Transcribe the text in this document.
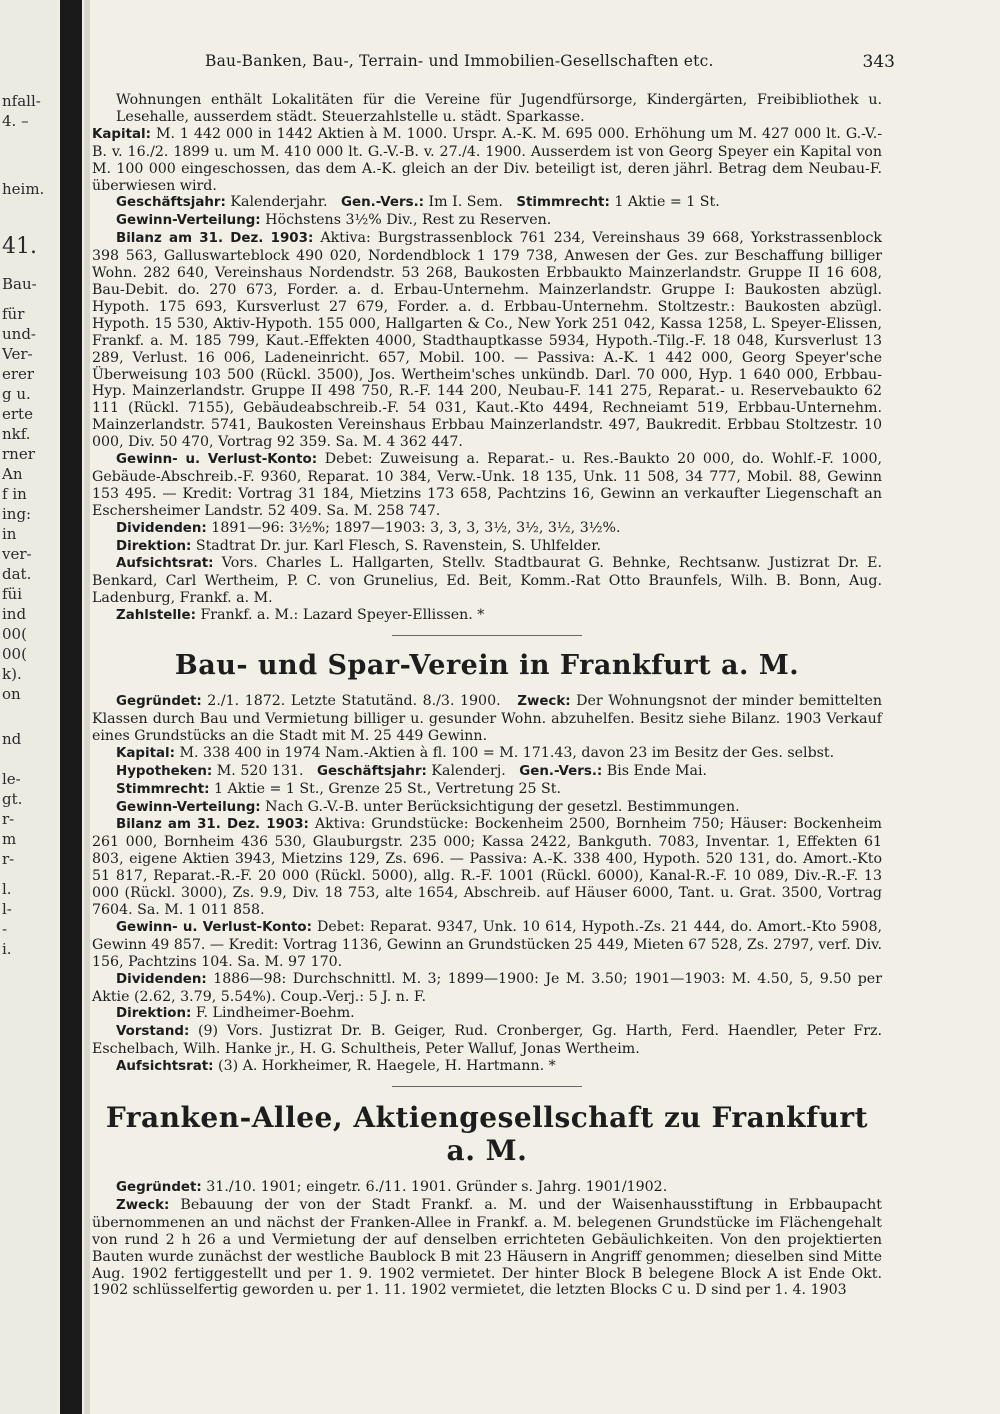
nfall-
4. –
heim.
41.
Bau-
für
und-
Ver-
erer
g u.
erte
nkf.
rner
An
f in
ing:
in
ver-
dat.
füi
ind
00(
00(
k).
on
nd
le-
gt.
r-
m
r-
l.
l-
-
i.
Bau-Banken, Bau-, Terrain- und Immobilien-Gesellschaften etc.	343

Wohnungen enthält Lokalitäten für die Vereine für Jugendfürsorge, Kindergärten, Freibibliothek u. Lesehalle, ausserdem städt. Steuerzahlstelle u. städt. Sparkasse.

Kapital: M. 1 442 000 in 1442 Aktien à M. 1000. Urspr. A.-K. M. 695 000. Erhöhung um M. 427 000 lt. G.-V.-B. v. 16./2. 1899 u. um M. 410 000 lt. G.-V.-B. v. 27./4. 1900. Ausserdem ist von Georg Speyer ein Kapital von M. 100 000 eingeschossen, das dem A.-K. gleich an der Div. beteiligt ist, deren jährl. Betrag dem Neubau-F. überwiesen wird.

Geschäftsjahr: Kalenderjahr. Gen.-Vers.: Im I. Sem. Stimmrecht: 1 Aktie = 1 St.

Gewinn-Verteilung: Höchstens 3½% Div., Rest zu Reserven.

Bilanz am 31. Dez. 1903: Aktiva: Burgstrassenblock 761 234, Vereinshaus 39 668, Yorkstrassenblock 398 563, Galluswarteblock 490 020, Nordendblock 1 179 738, Anwesen der Ges. zur Beschaffung billiger Wohn. 282 640, Vereinshaus Nordendstr. 53 268, Baukosten Erbbaukto Mainzerlandstr. Gruppe II 16 608, Bau-Debit. do. 270 673, Forder. a. d. Erbau-Unternehm. Mainzerlandstr. Gruppe I: Baukosten abzügl. Hypoth. 175 693, Kursverlust 27 679, Forder. a. d. Erbbau-Unternehm. Stoltzestr.: Baukosten abzügl. Hypoth. 15 530, Aktiv-Hypoth. 155 000, Hallgarten & Co., New York 251 042, Kassa 1258, L. Speyer-Elissen, Frankf. a. M. 185 799, Kaut.-Effekten 4000, Stadthauptkasse 5934, Hypoth.-Tilg.-F. 18 048, Kursverlust 13 289, Verlust. 16 006, Ladeneinricht. 657, Mobil. 100. — Passiva: A.-K. 1 442 000, Georg Speyer'sche Überweisung 103 500 (Rückl. 3500), Jos. Wertheim'sches unkündb. Darl. 70 000, Hyp. 1 640 000, Erbbau-Hyp. Mainzerlandstr. Gruppe II 498 750, R.-F. 144 200, Neubau-F. 141 275, Reparat.- u. Reservebaukto 62 111 (Rückl. 7155), Gebäudeabschreib.-F. 54 031, Kaut.-Kto 4494, Rechneiamt 519, Erbbau-Unternehm. Mainzerlandstr. 5741, Baukosten Vereinshaus Erbbau Mainzerlandstr. 497, Baukredit. Erbbau Stoltzestr. 10 000, Div. 50 470, Vortrag 92 359. Sa. M. 4 362 447.

Gewinn- u. Verlust-Konto: Debet: Zuweisung a. Reparat.- u. Res.-Baukto 20 000, do. Wohlf.-F. 1000, Gebäude-Abschreib.-F. 9360, Reparat. 10 384, Verw.-Unk. 18 135, Unk. 11 508, 34 777, Mobil. 88, Gewinn 153 495. — Kredit: Vortrag 31 184, Mietzins 173 658, Pachtzins 16, Gewinn an verkaufter Liegenschaft an Eschersheimer Landstr. 52 409. Sa. M. 258 747.

Dividenden: 1891—96: 3½%; 1897—1903: 3, 3, 3, 3½, 3½, 3½, 3½%.

Direktion: Stadtrat Dr. jur. Karl Flesch, S. Ravenstein, S. Uhlfelder.

Aufsichtsrat: Vors. Charles L. Hallgarten, Stellv. Stadtbaurat G. Behnke, Rechtsanw. Justizrat Dr. E. Benkard, Carl Wertheim, P. C. von Grunelius, Ed. Beit, Komm.-Rat Otto Braunfels, Wilh. B. Bonn, Aug. Ladenburg, Frankf. a. M.

Zahlstelle: Frankf. a. M.: Lazard Speyer-Ellissen. *

Bau- und Spar-Verein in Frankfurt a. M.

Gegründet: 2./1. 1872. Letzte Statutänd. 8./3. 1900. Zweck: Der Wohnungsnot der minder bemittelten Klassen durch Bau und Vermietung billiger u. gesunder Wohn. abzuhelfen. Besitz siehe Bilanz. 1903 Verkauf eines Grundstücks an die Stadt mit M. 25 449 Gewinn.

Kapital: M. 338 400 in 1974 Nam.-Aktien à fl. 100 = M. 171.43, davon 23 im Besitz der Ges. selbst.

Hypotheken: M. 520 131. Geschäftsjahr: Kalenderj. Gen.-Vers.: Bis Ende Mai.

Stimmrecht: 1 Aktie = 1 St., Grenze 25 St., Vertretung 25 St.

Gewinn-Verteilung: Nach G.-V.-B. unter Berücksichtigung der gesetzl. Bestimmungen.

Bilanz am 31. Dez. 1903: Aktiva: Grundstücke: Bockenheim 2500, Bornheim 750; Häuser: Bockenheim 261 000, Bornheim 436 530, Glauburgstr. 235 000; Kassa 2422, Bankguth. 7083, Inventar. 1, Effekten 61 803, eigene Aktien 3943, Mietzins 129, Zs. 696. — Passiva: A.-K. 338 400, Hypoth. 520 131, do. Amort.-Kto 51 817, Reparat.-R.-F. 20 000 (Rückl. 5000), allg. R.-F. 1001 (Rückl. 6000), Kanal-R.-F. 10 089, Div.-R.-F. 13 000 (Rückl. 3000), Zs. 9.9, Div. 18 753, alte 1654, Abschreib. auf Häuser 6000, Tant. u. Grat. 3500, Vortrag 7604. Sa. M. 1 011 858.

Gewinn- u. Verlust-Konto: Debet: Reparat. 9347, Unk. 10 614, Hypoth.-Zs. 21 444, do. Amort.-Kto 5908, Gewinn 49 857. — Kredit: Vortrag 1136, Gewinn an Grundstücken 25 449, Mieten 67 528, Zs. 2797, verf. Div. 156, Pachtzins 104. Sa. M. 97 170.

Dividenden: 1886—98: Durchschnittl. M. 3; 1899—1900: Je M. 3.50; 1901—1903: M. 4.50, 5, 9.50 per Aktie (2.62, 3.79, 5.54%). Coup.-Verj.: 5 J. n. F.

Direktion: F. Lindheimer-Boehm.

Vorstand: (9) Vors. Justizrat Dr. B. Geiger, Rud. Cronberger, Gg. Harth, Ferd. Haendler, Peter Frz. Eschelbach, Wilh. Hanke jr., H. G. Schultheis, Peter Walluf, Jonas Wertheim.

Aufsichtsrat: (3) A. Horkheimer, R. Haegele, H. Hartmann. *

Franken-Allee, Aktiengesellschaft zu Frankfurt a. M.

Gegründet: 31./10. 1901; eingetr. 6./11. 1901. Gründer s. Jahrg. 1901/1902.

Zweck: Bebauung der von der Stadt Frankf. a. M. und der Waisenhausstiftung in Erbbaupacht übernommenen an und nächst der Franken-Allee in Frankf. a. M. belegenen Grundstücke im Flächengehalt von rund 2 h 26 a und Vermietung der auf denselben errichteten Gebäulichkeiten. Von den projektierten Bauten wurde zunächst der westliche Baublock B mit 23 Häusern in Angriff genommen; dieselben sind Mitte Aug. 1902 fertiggestellt und per 1. 9. 1902 vermietet. Der hinter Block B belegene Block A ist Ende Okt. 1902 schlüsselfertig geworden u. per 1. 11. 1902 vermietet, die letzten Blocks C u. D sind per 1. 4. 1903
